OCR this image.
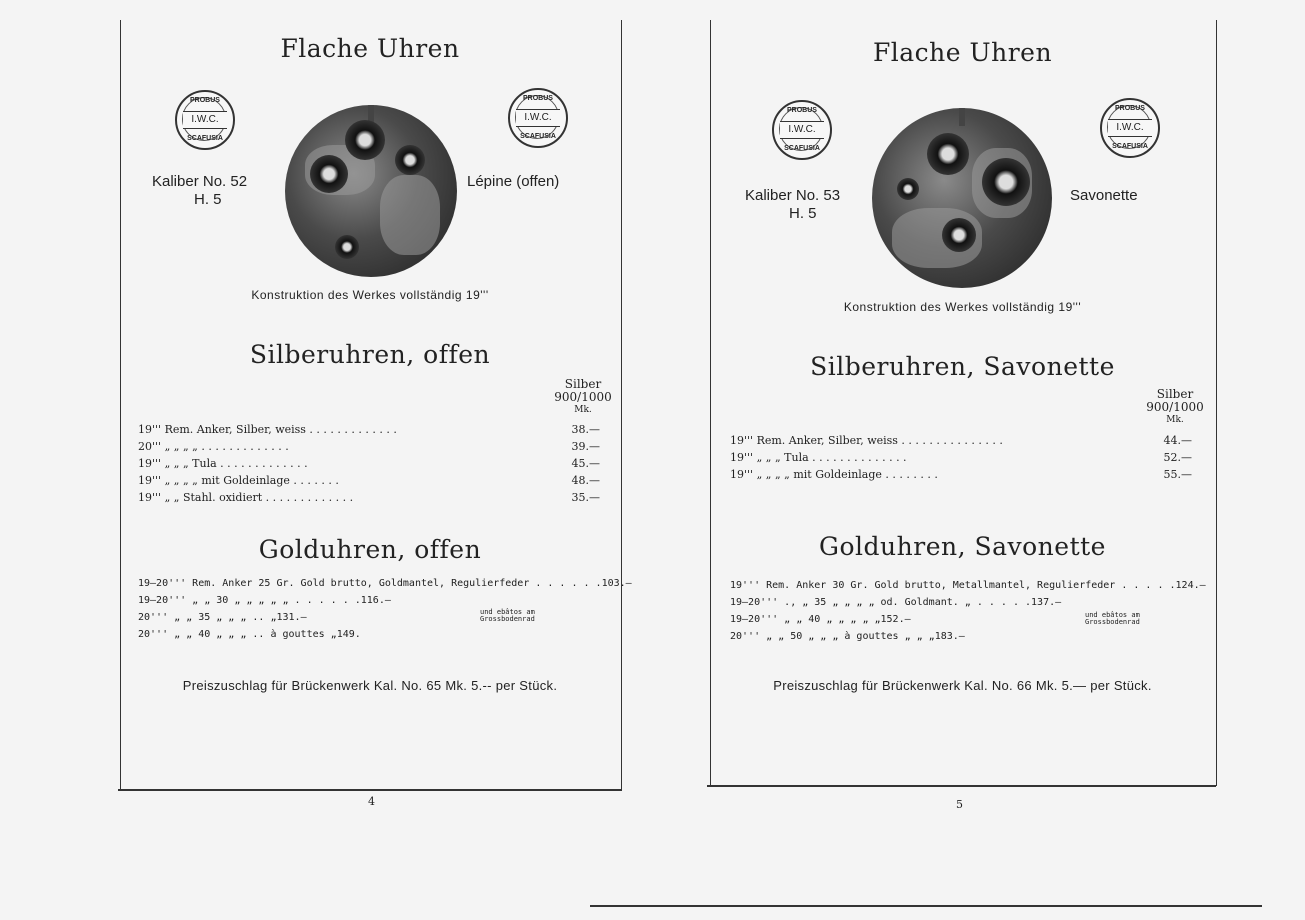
Flache Uhren
PROBUS
I.W.C.
SCAFUSIA
PROBUS
I.W.C.
SCAFUSIA
Kaliber No. 52
H. 5
Lépine (offen)
Konstruktion des Werkes vollständig 19'''
Silberuhren, offen
Silber
900/1000
Mk.
19''' Rem. Anker, Silber, weiss . . . . . . . . . . . . .	38.—
20''' „ „ „ „ . . . . . . . . . . . . .	39.—
19''' „ „ „ Tula . . . . . . . . . . . . .	45.—
19''' „ „ „ „ mit Goldeinlage . . . . . . .	48.—
19''' „ „ Stahl. oxidiert . . . . . . . . . . . . .	35.—
Golduhren, offen
19–20''' Rem. Anker 25 Gr. Gold brutto, Goldmantel, Regulierfeder . . . . . .103.—
19–20''' „ „ 30 „ „ „ „ „ . . . . . .116.—
20''' „ „ 35 „ „ „ .. „131.—
20''' „ „ 40 „ „ „ .. à gouttes „149.
und ebâtos am
Grossbodenrad
Preiszuschlag für Brückenwerk Kal. No. 65 Mk. 5.-- per Stück.
4
Flache Uhren
PROBUS
I.W.C.
SCAFUSIA
PROBUS
I.W.C.
SCAFUSIA
Kaliber No. 53
H. 5
Savonette
Konstruktion des Werkes vollständig 19'''
Silberuhren, Savonette
Silber
900/1000
Mk.
19''' Rem. Anker, Silber, weiss . . . . . . . . . . . . . . .	44.—
19''' „ „ „ Tula . . . . . . . . . . . . . .	52.—
19''' „ „ „ „ mit Goldeinlage . . . . . . . .	55.—
Golduhren, Savonette
19''' Rem. Anker 30 Gr. Gold brutto, Metallmantel, Regulierfeder . . . . .124.—
19–20''' ., „ 35 „ „ „ „ od. Goldmant. „ . . . . .137.—
19–20''' „ „ 40 „ „ „ „ „152.—
20''' „ „ 50 „ „ „ à gouttes „ „ „183.—
und ebâtos am
Grossbodenrad
Preiszuschlag für Brückenwerk Kal. No. 66 Mk. 5.— per Stück.
5
